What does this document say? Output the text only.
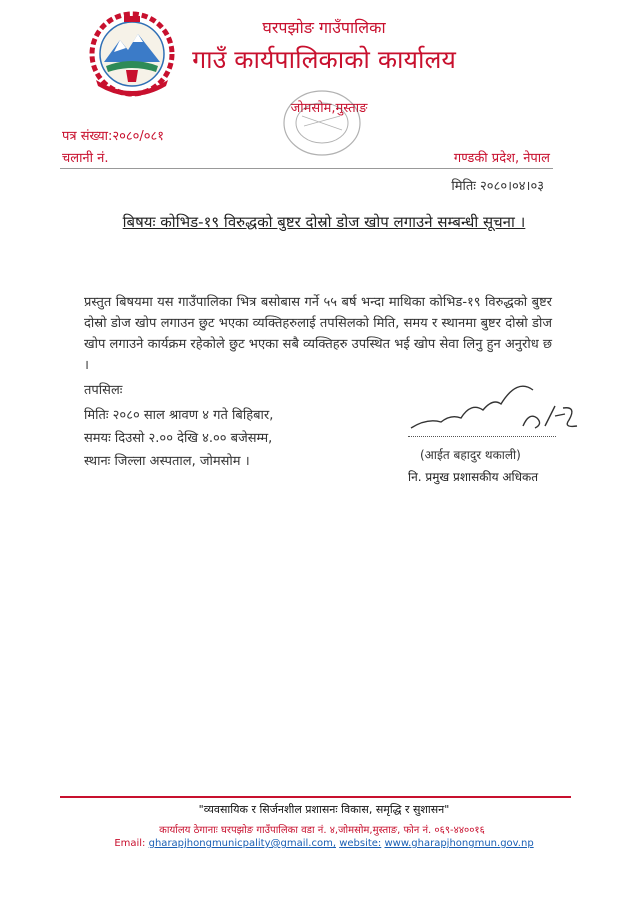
घरपझोङ गाउँपालिका
गाउँ कार्यपालिकाको कार्यालय
जोमसोम,मुस्ताङ
पत्र संख्या:२०८०/०८१
चलानी नं.	गण्डकी प्रदेश, नेपाल
मितिः २०८०।०४।०३
बिषयः कोभिड-१९ विरुद्धको बुष्टर दोस्रो डोज खोप लगाउने सम्बन्धी सूचना ।
प्रस्तुत बिषयमा यस गाउँपालिका भित्र बसोबास गर्ने ५५ बर्ष भन्दा माथिका कोभिड-१९ विरुद्धको बुष्टर दोस्रो डोज खोप लगाउन छुट भएका व्यक्तिहरुलाई तपसिलको मिति, समय र स्थानमा बुष्टर दोस्रो डोज खोप लगाउने कार्यक्रम रहेकोले छुट भएका सबै व्यक्तिहरु उपस्थित भई खोप सेवा लिनु हुन अनुरोध छ ।
तपसिलः
मितिः २०८० साल श्रावण ४ गते बिहिबार,
समयः दिउसो २.०० देखि ४.०० बजेसम्म,
स्थानः जिल्ला अस्पताल, जोमसोम ।	(आईत बहादुर थकाली)
नि. प्रमुख प्रशासकीय अधिकत
"व्यवसायिक र सिर्जनशील प्रशासनः विकास, समृद्धि र सुशासन"
कार्यालय ठेगानाः घरपझोङ गाउँपालिका वडा नं. ४,जोमसोम,मुस्ताङ, फोन नं. ०६९-४४००१६
Email: gharapjhongmunicpality@gmail.com, website: www.gharapjhongmun.gov.np
